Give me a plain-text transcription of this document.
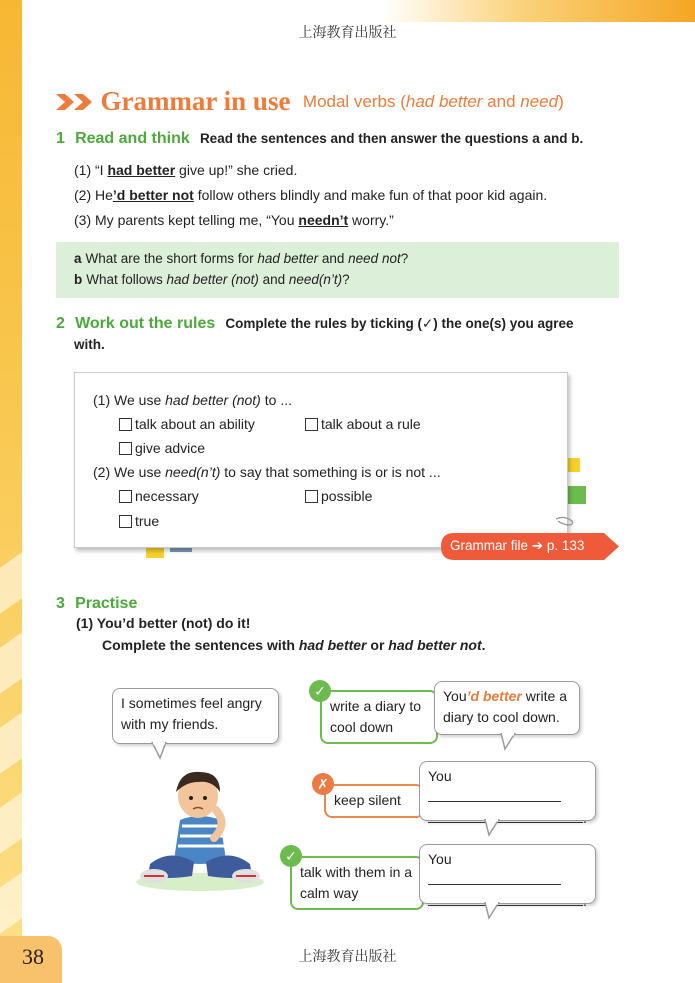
上海教育出版社
上海教育出版社
38
Grammar in use Modal verbs (had better and need)
1 Read and think Read the sentences and then answer the questions a and b.
(1) “I had better give up!” she cried.
(2) He’d better not follow others blindly and make fun of that poor kid again.
(3) My parents kept telling me, “You needn’t worry.”
a What are the short forms for had better and need not?
b What follows had better (not) and need(n’t)?
2 Work out the rules Complete the rules by ticking (✓) the one(s) you agree
with.
(1) We use had better (not) to ...
talk about an ability	talk about a rule
give advice
(2) We use need(n’t) to say that something is or is not ...
necessary	possible
true
Grammar file ➔ p. 133
3 Practise
(1) You’d better (not) do it!
Complete the sentences with had better or had better not.
I sometimes feel angry with my friends.
write a diary to cool down
✓	You’d better write a diary to cool down.
keep silent
✗	You
.
talk with them in a calm way
✓	You
.
